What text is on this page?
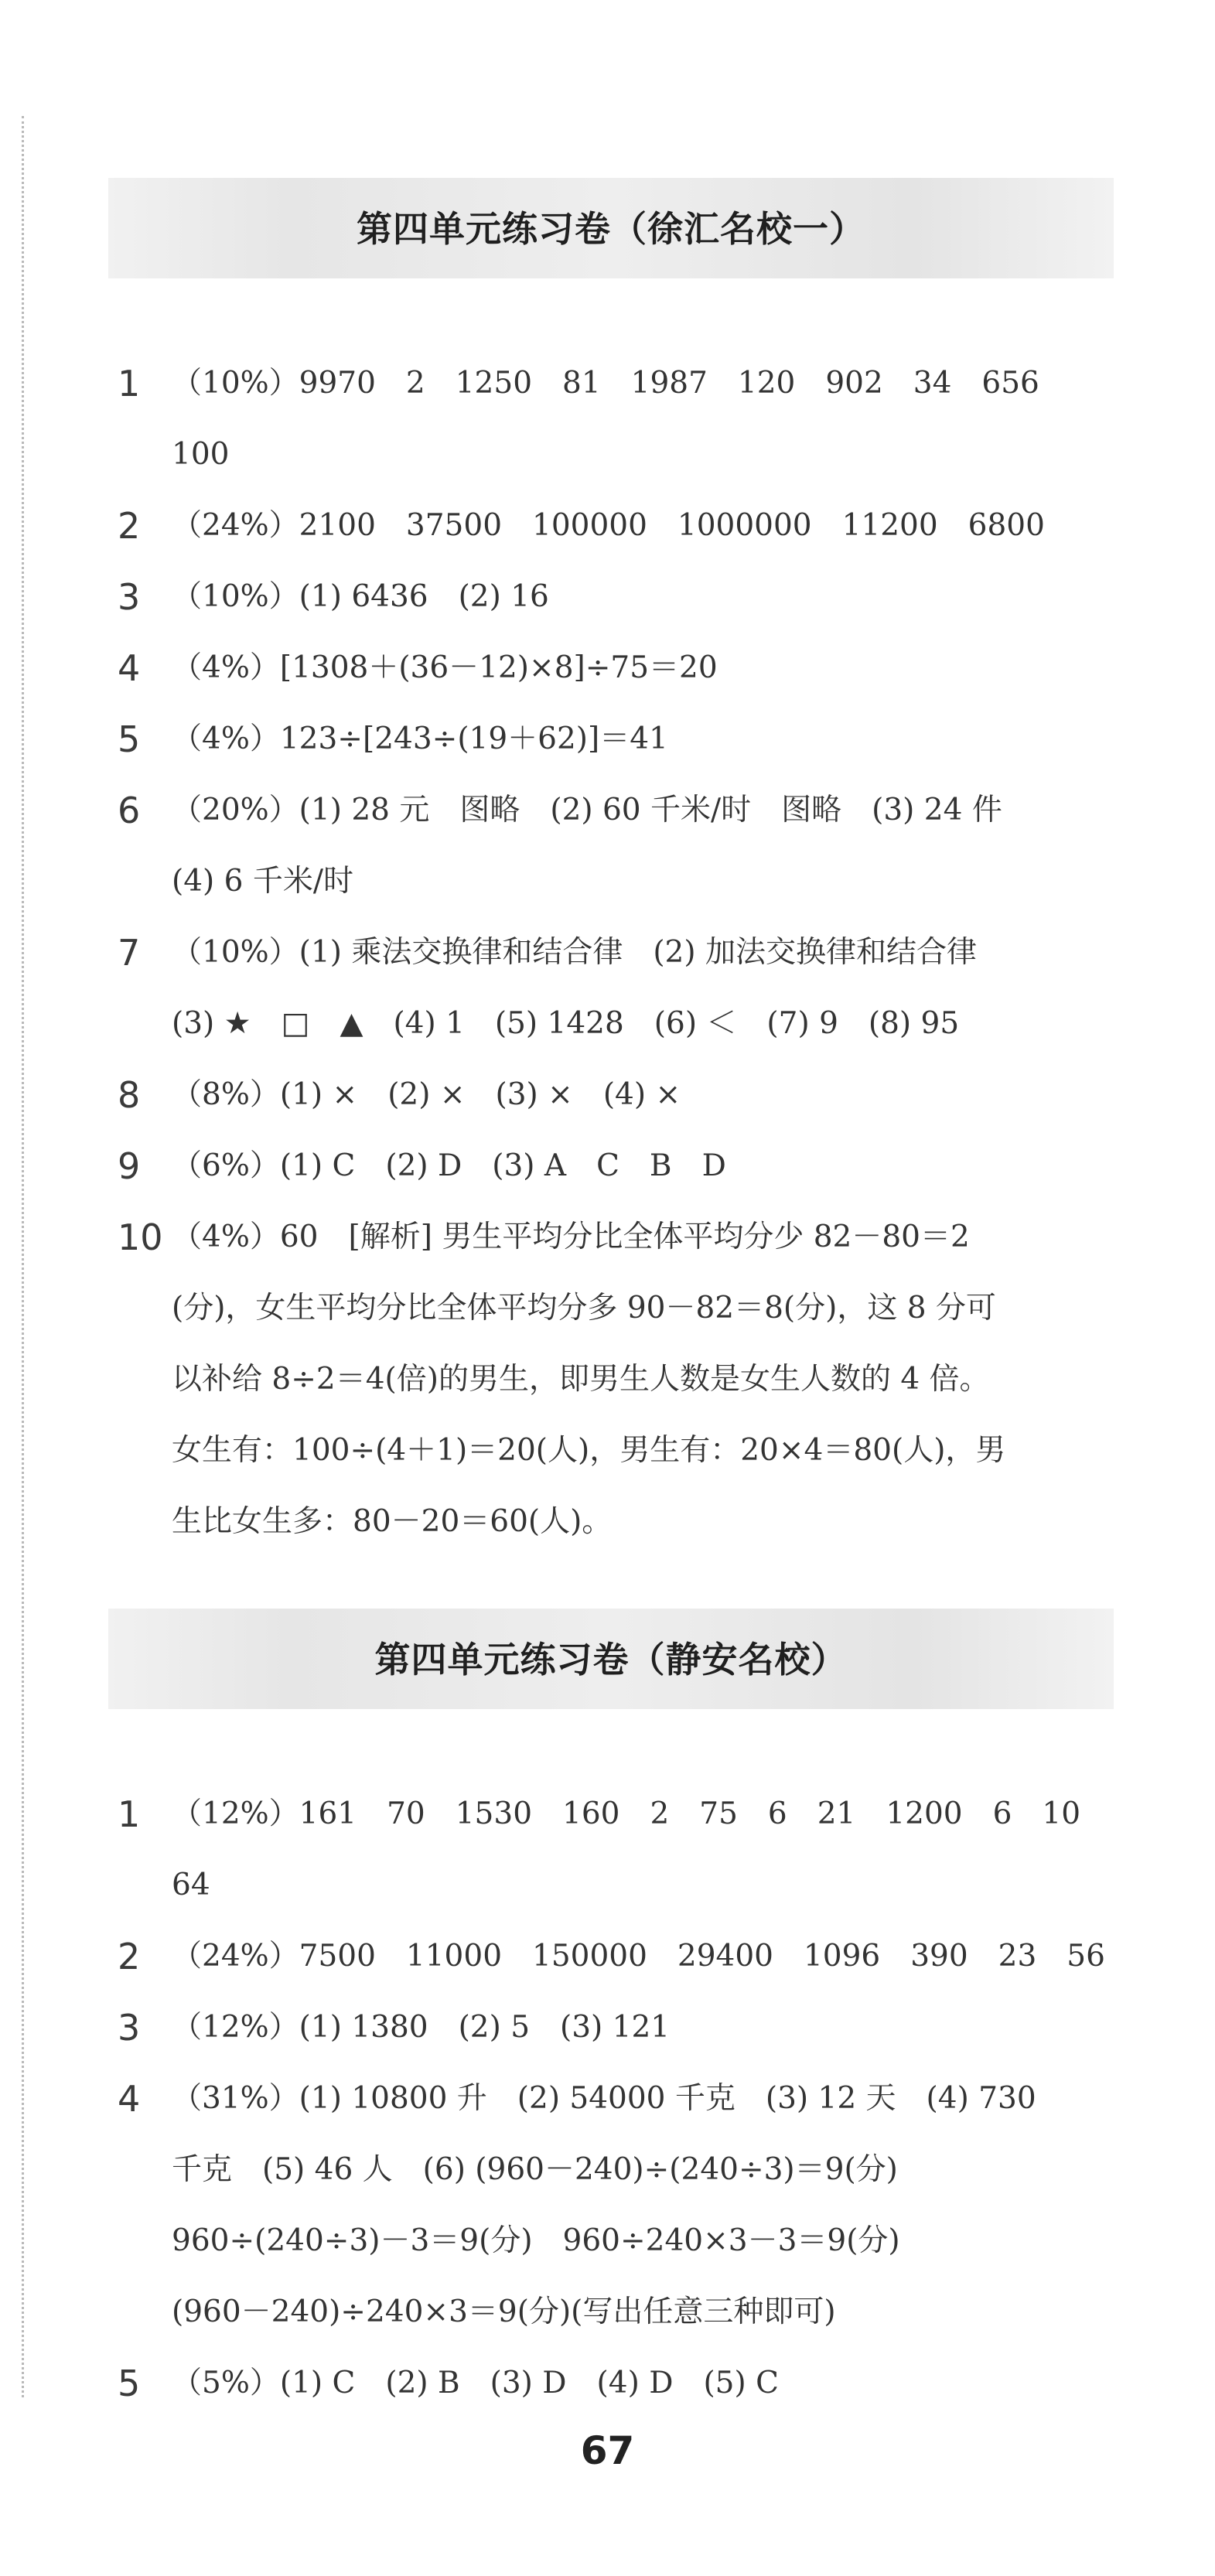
第四单元练习卷（徐汇名校一）
1 （10%）9970　2　1250　81　1987　120　902　34　656
100
2 （24%）2100　37500　100000　1000000　11200　6800
3 （10%）(1) 6436　(2) 16
4 （4%）[1308＋(36－12)×8]÷75＝20
5 （4%）123÷[243÷(19＋62)]＝41
6 （20%）(1) 28 元　图略　(2) 60 千米/时　图略　(3) 24 件
(4) 6 千米/时
7 （10%）(1) 乘法交换律和结合律　(2) 加法交换律和结合律
(3) ★　□　▲　(4) 1　(5) 1428　(6) ＜　(7) 9　(8) 95
8 （8%）(1) ×　(2) ×　(3) ×　(4) ×
9 （6%）(1) C　(2) D　(3) A　C　B　D
10 （4%）60　[解析] 男生平均分比全体平均分少 82－80＝2
(分)，女生平均分比全体平均分多 90－82＝8(分)，这 8 分可
以补给 8÷2＝4(倍)的男生，即男生人数是女生人数的 4 倍。
女生有：100÷(4＋1)＝20(人)，男生有：20×4＝80(人)，男
生比女生多：80－20＝60(人)。
第四单元练习卷（静安名校）
1 （12%）161　70　1530　160　2　75　6　21　1200　6　10
64
2 （24%）7500　11000　150000　29400　1096　390　23　56
3 （12%）(1) 1380　(2) 5　(3) 121
4 （31%）(1) 10800 升　(2) 54000 千克　(3) 12 天　(4) 730
千克　(5) 46 人　(6) (960－240)÷(240÷3)＝9(分)
960÷(240÷3)－3＝9(分)　960÷240×3－3＝9(分)
(960－240)÷240×3＝9(分)(写出任意三种即可)
5 （5%）(1) C　(2) B　(3) D　(4) D　(5) C
67
